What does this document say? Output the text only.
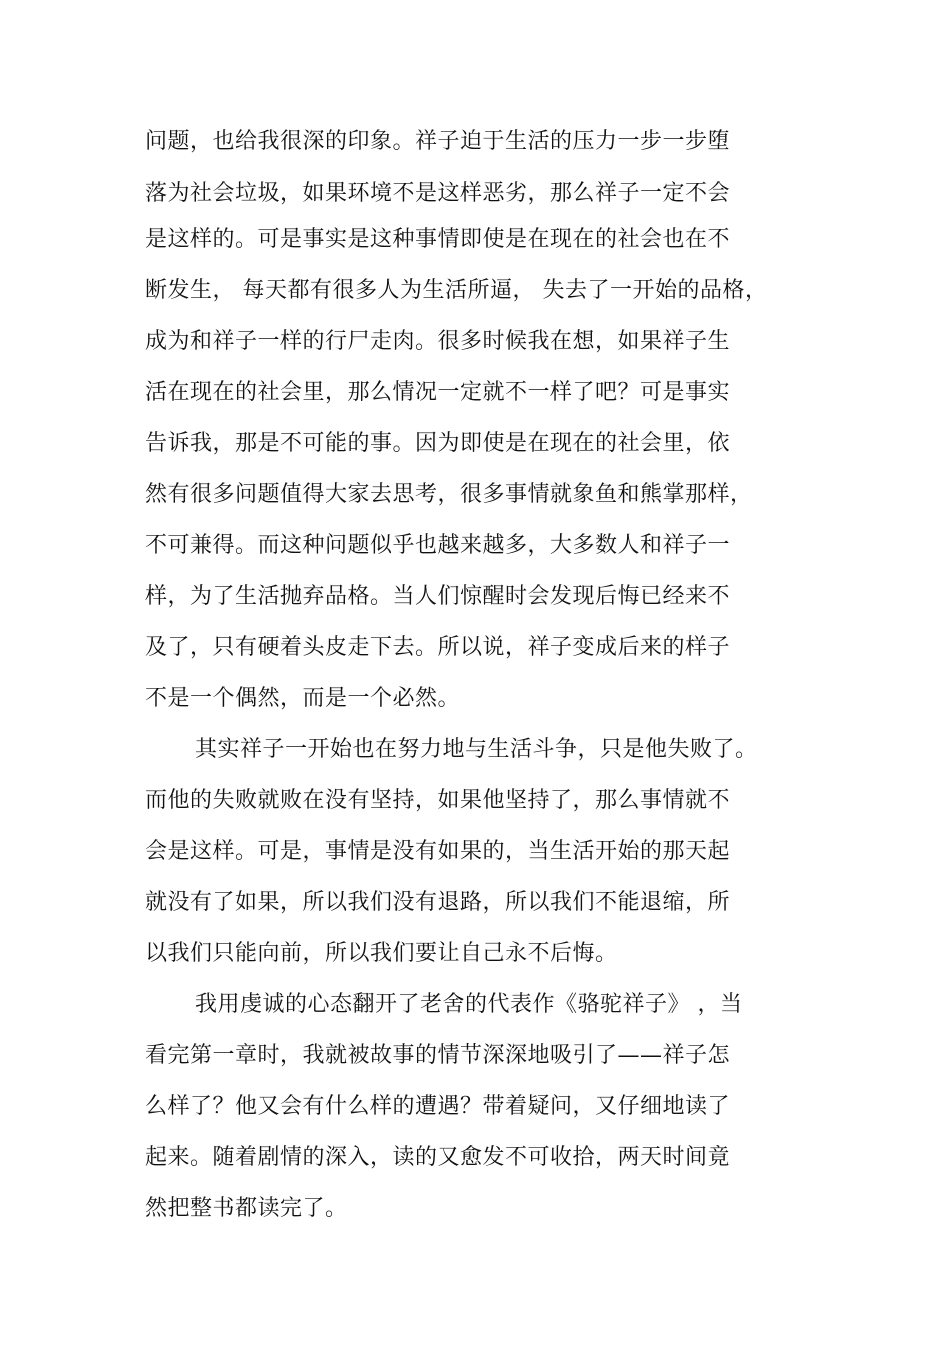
问题，也给我很深的印象。祥子迫于生活的压力一步一步堕
落为社会垃圾，如果环境不是这样恶劣，那么祥子一定不会
是这样的。可是事实是这种事情即使是在现在的社会也在不
断发生， 每天都有很多人为生活所逼， 失去了一开始的品格，
成为和祥子一样的行尸走肉。很多时候我在想，如果祥子生
活在现在的社会里，那么情况一定就不一样了吧？可是事实
告诉我，那是不可能的事。因为即使是在现在的社会里，依
然有很多问题值得大家去思考，很多事情就象鱼和熊掌那样，
不可兼得。而这种问题似乎也越来越多，大多数人和祥子一
样，为了生活抛弃品格。当人们惊醒时会发现后悔已经来不
及了，只有硬着头皮走下去。所以说，祥子变成后来的样子
不是一个偶然，而是一个必然。
其实祥子一开始也在努力地与生活斗争，只是他失败了。
而他的失败就败在没有坚持，如果他坚持了，那么事情就不
会是这样。可是，事情是没有如果的，当生活开始的那天起
就没有了如果，所以我们没有退路，所以我们不能退缩，所
以我们只能向前，所以我们要让自己永不后悔。
我用虔诚的心态翻开了老舍的代表作《骆驼祥子》 ，当
看完第一章时，我就被故事的情节深深地吸引了——祥子怎
么样了？他又会有什么样的遭遇？带着疑问，又仔细地读了
起来。随着剧情的深入，读的又愈发不可收拾，两天时间竟
然把整书都读完了。
